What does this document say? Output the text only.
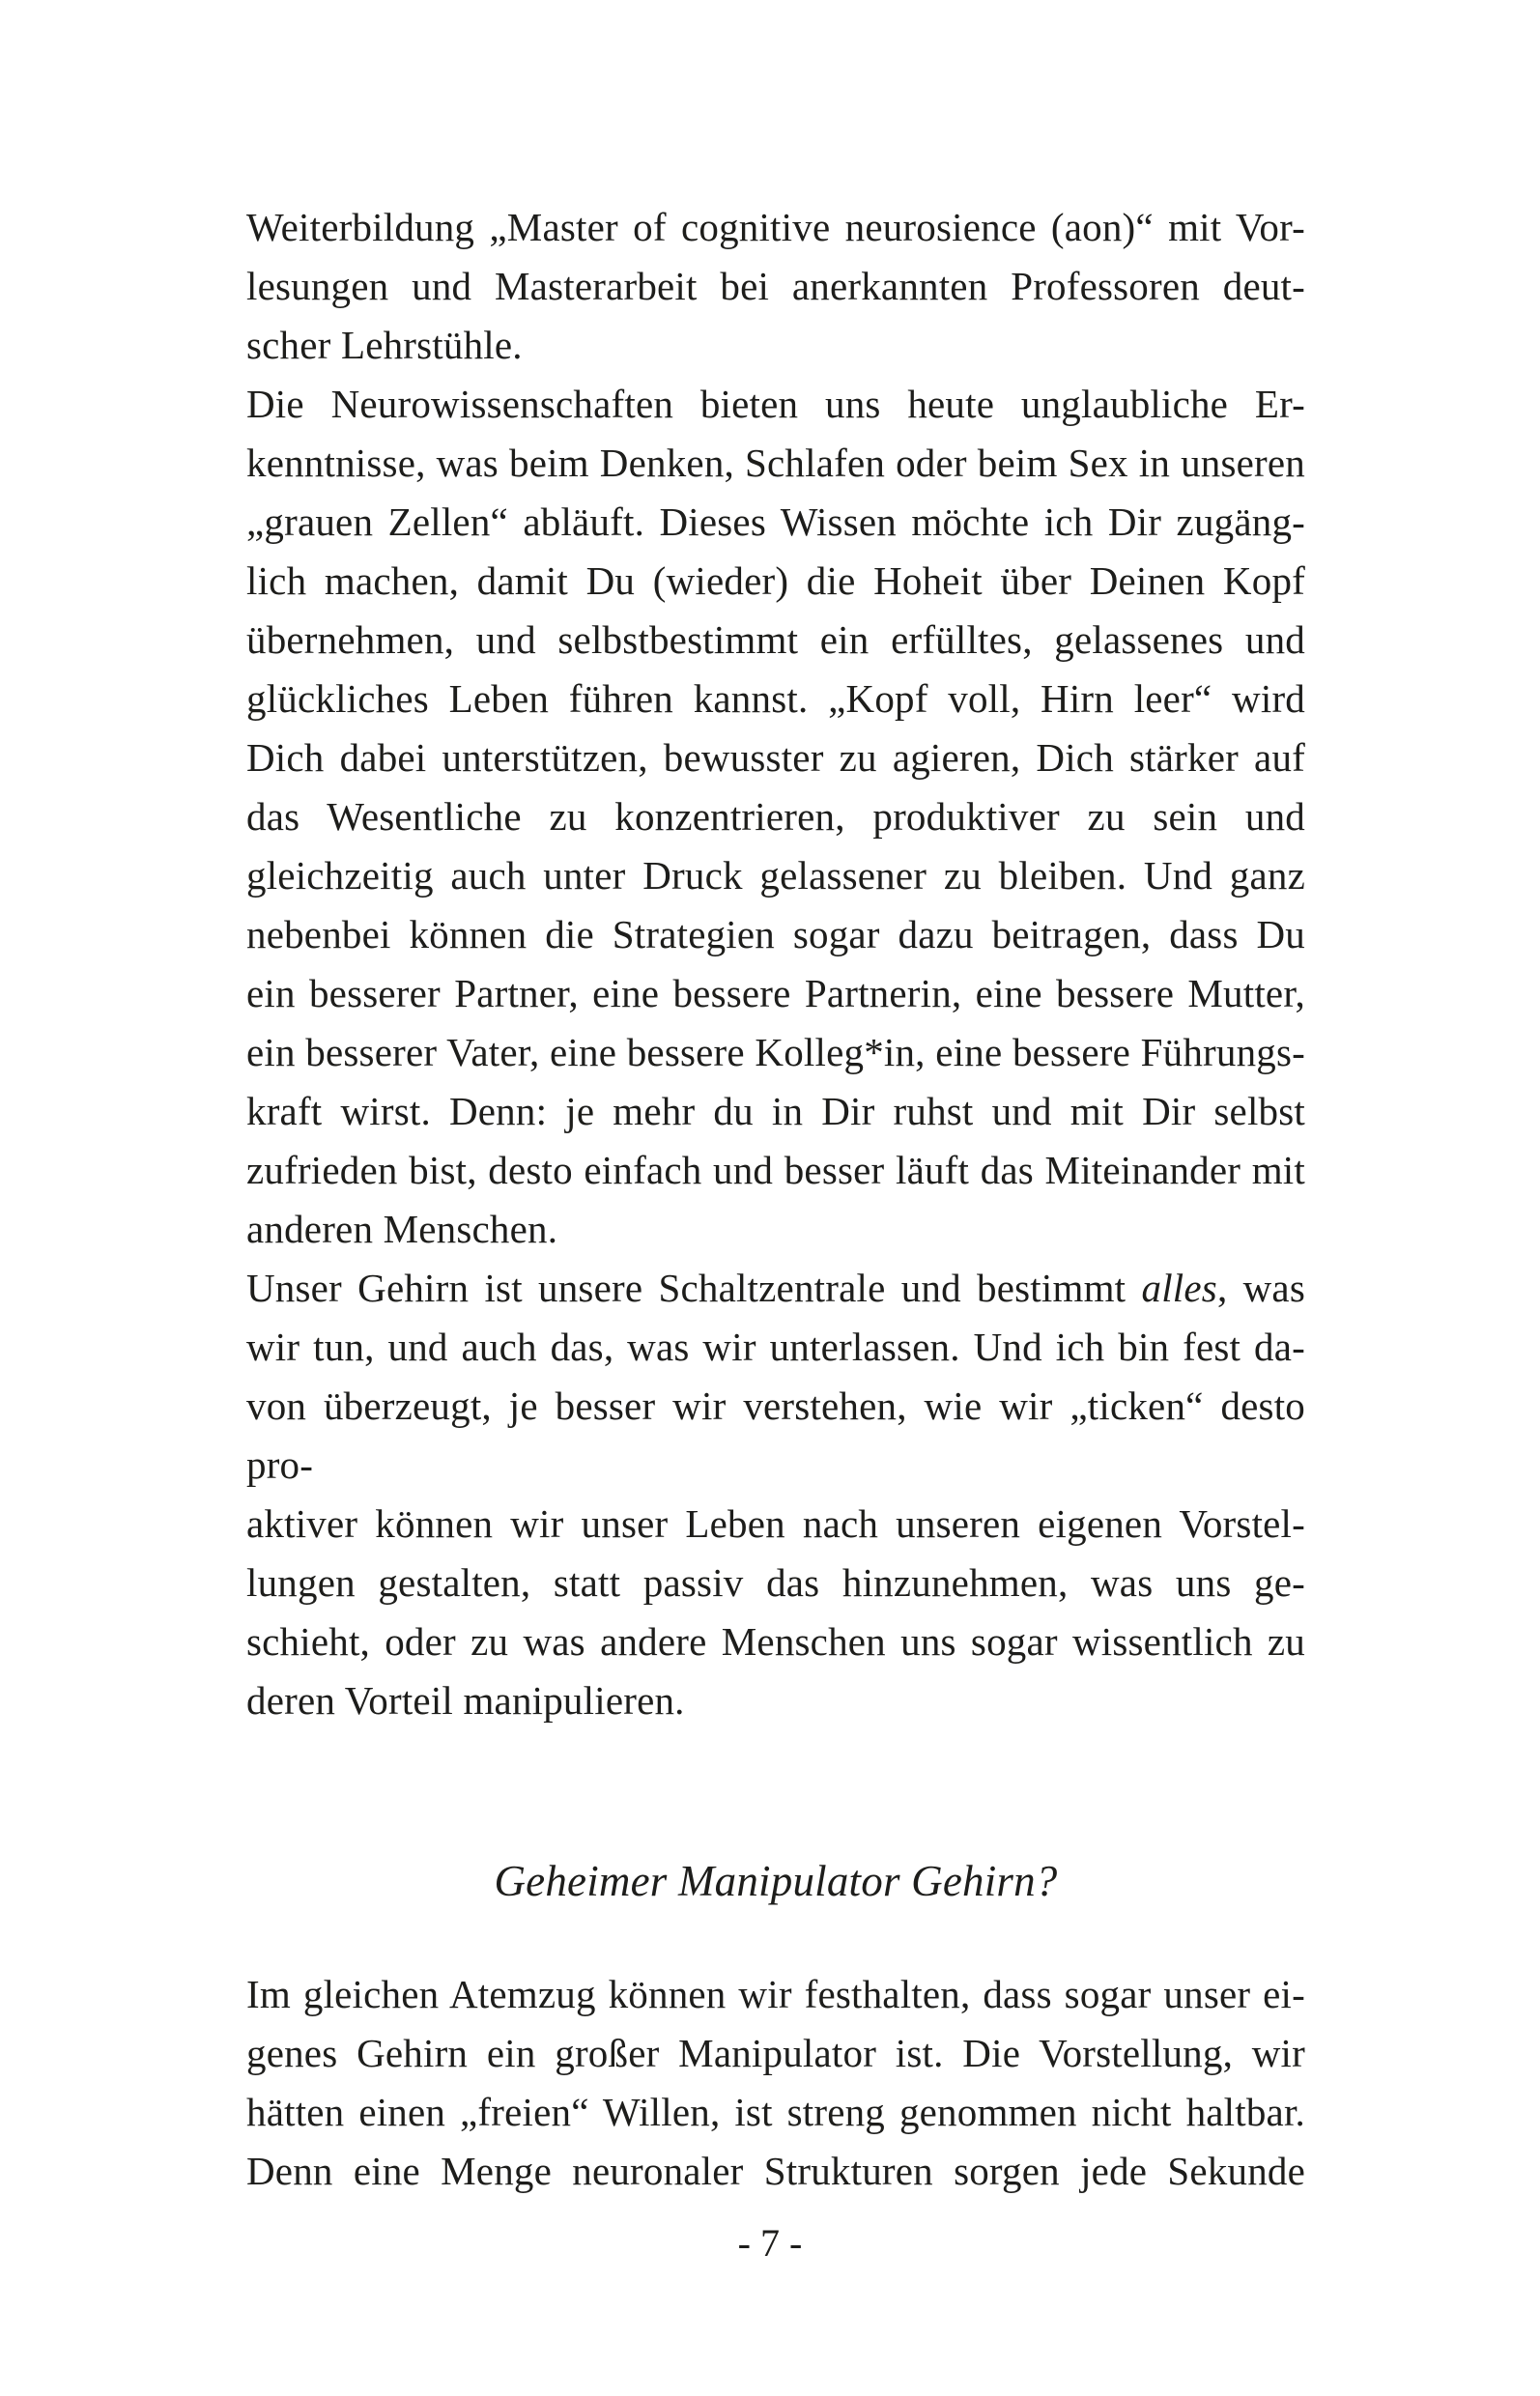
Weiterbildung „Master of cognitive neurosience (aon)“ mit Vor-
lesungen und Masterarbeit bei anerkannten Professoren deut-
scher Lehrstühle.
Die Neurowissenschaften bieten uns heute unglaubliche Er-
kenntnisse, was beim Denken, Schlafen oder beim Sex in unseren
„grauen Zellen“ abläuft. Dieses Wissen möchte ich Dir zugäng-
lich machen, damit Du (wieder) die Hoheit über Deinen Kopf
übernehmen, und selbstbestimmt ein erfülltes, gelassenes und
glückliches Leben führen kannst. „Kopf voll, Hirn leer“ wird
Dich dabei unterstützen, bewusster zu agieren, Dich stärker auf
das Wesentliche zu konzentrieren, produktiver zu sein und
gleichzeitig auch unter Druck gelassener zu bleiben. Und ganz
nebenbei können die Strategien sogar dazu beitragen, dass Du
ein besserer Partner, eine bessere Partnerin, eine bessere Mutter,
ein besserer Vater, eine bessere Kolleg*in, eine bessere Führungs-
kraft wirst. Denn: je mehr du in Dir ruhst und mit Dir selbst
zufrieden bist, desto einfach und besser läuft das Miteinander mit
anderen Menschen.
Unser Gehirn ist unsere Schaltzentrale und bestimmt alles, was
wir tun, und auch das, was wir unterlassen. Und ich bin fest da-
von überzeugt, je besser wir verstehen, wie wir „ticken“ desto pro-
aktiver können wir unser Leben nach unseren eigenen Vorstel-
lungen gestalten, statt passiv das hinzunehmen, was uns ge-
schieht, oder zu was andere Menschen uns sogar wissentlich zu
deren Vorteil manipulieren.
Geheimer Manipulator Gehirn?
Im gleichen Atemzug können wir festhalten, dass sogar unser ei-
genes Gehirn ein großer Manipulator ist. Die Vorstellung, wir
hätten einen „freien“ Willen, ist streng genommen nicht haltbar.
Denn eine Menge neuronaler Strukturen sorgen jede Sekunde
- 7 -
